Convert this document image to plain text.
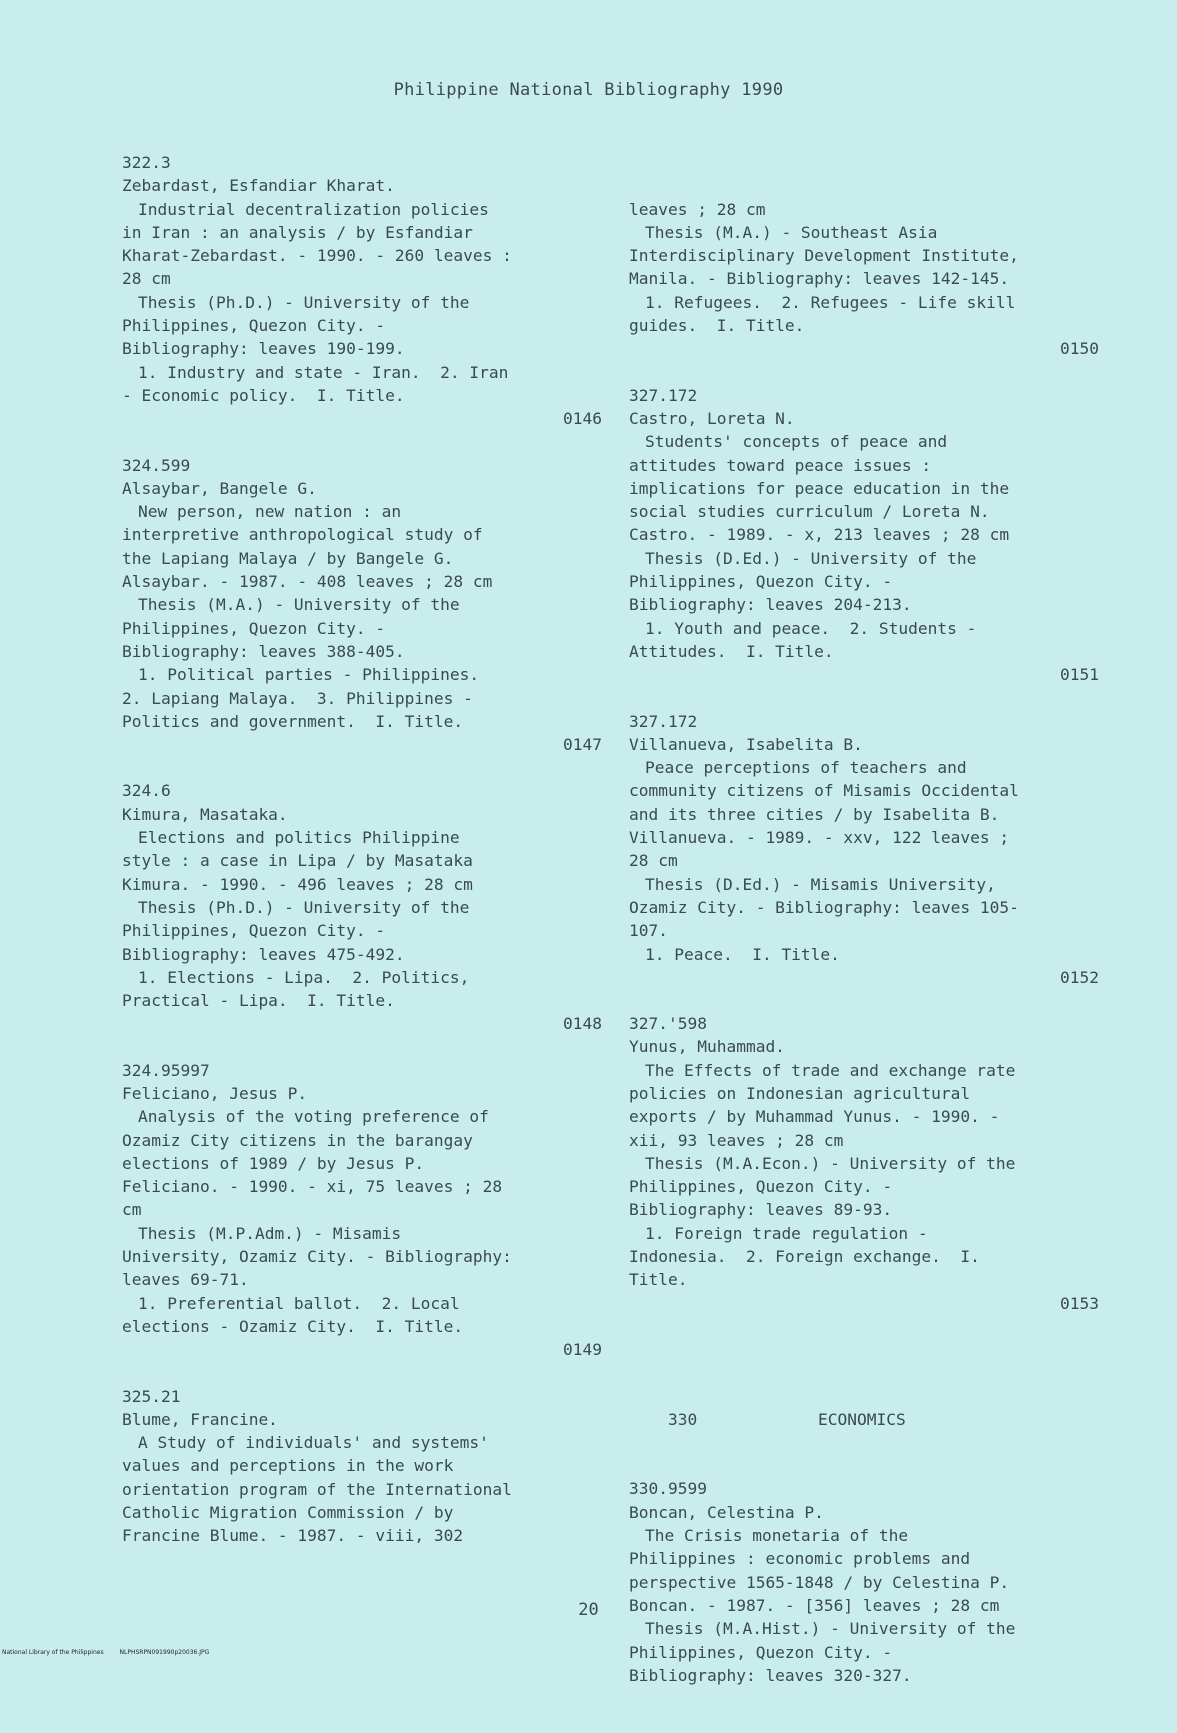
Philippine National Bibliography 1990
322.3
Zebardast, Esfandiar Kharat.
Industrial decentralization policies
in Iran : an analysis / by Esfandiar
Kharat-Zebardast. - 1990. - 260 leaves :
28 cm
Thesis (Ph.D.) - University of the
Philippines, Quezon City. -
Bibliography: leaves 190-199.
1. Industry and state - Iran.  2. Iran
- Economic policy.  I. Title.
0146
324.599
Alsaybar, Bangele G.
New person, new nation : an
interpretive anthropological study of
the Lapiang Malaya / by Bangele G.
Alsaybar. - 1987. - 408 leaves ; 28 cm
Thesis (M.A.) - University of the
Philippines, Quezon City. -
Bibliography: leaves 388-405.
1. Political parties - Philippines.
2. Lapiang Malaya.  3. Philippines -
Politics and government.  I. Title.
0147
324.6
Kimura, Masataka.
Elections and politics Philippine
style : a case in Lipa / by Masataka
Kimura. - 1990. - 496 leaves ; 28 cm
Thesis (Ph.D.) - University of the
Philippines, Quezon City. -
Bibliography: leaves 475-492.
1. Elections - Lipa.  2. Politics,
Practical - Lipa.  I. Title.
0148
324.95997
Feliciano, Jesus P.
Analysis of the voting preference of
Ozamiz City citizens in the barangay
elections of 1989 / by Jesus P.
Feliciano. - 1990. - xi, 75 leaves ; 28
cm
Thesis (M.P.Adm.) - Misamis
University, Ozamiz City. - Bibliography:
leaves 69-71.
1. Preferential ballot.  2. Local
elections - Ozamiz City.  I. Title.
0149
325.21
Blume, Francine.
A Study of individuals' and systems'
values and perceptions in the work
orientation program of the International
Catholic Migration Commission / by
Francine Blume. - 1987. - viii, 302

leaves ; 28 cm
Thesis (M.A.) - Southeast Asia
Interdisciplinary Development Institute,
Manila. - Bibliography: leaves 142-145.
1. Refugees.  2. Refugees - Life skill
guides.  I. Title.
0150
327.172
Castro, Loreta N.
Students' concepts of peace and
attitudes toward peace issues :
implications for peace education in the
social studies curriculum / Loreta N.
Castro. - 1989. - x, 213 leaves ; 28 cm
Thesis (D.Ed.) - University of the
Philippines, Quezon City. -
Bibliography: leaves 204-213.
1. Youth and peace.  2. Students -
Attitudes.  I. Title.
0151
327.172
Villanueva, Isabelita B.
Peace perceptions of teachers and
community citizens of Misamis Occidental
and its three cities / by Isabelita B.
Villanueva. - 1989. - xxv, 122 leaves ;
28 cm
Thesis (D.Ed.) - Misamis University,
Ozamiz City. - Bibliography: leaves 105-
107.
1. Peace.  I. Title.
0152
327.'598
Yunus, Muhammad.
The Effects of trade and exchange rate
policies on Indonesian agricultural
exports / by Muhammad Yunus. - 1990. -
xii, 93 leaves ; 28 cm
Thesis (M.A.Econ.) - University of the
Philippines, Quezon City. -
Bibliography: leaves 89-93.
1. Foreign trade regulation -
Indonesia.  2. Foreign exchange.  I.
Title.
0153

330	ECONOMICS

330.9599
Boncan, Celestina P.
The Crisis monetaria of the
Philippines : economic problems and
perspective 1565-1848 / by Celestina P.
Boncan. - 1987. - [356] leaves ; 28 cm
Thesis (M.A.Hist.) - University of the
Philippines, Quezon City. -
Bibliography: leaves 320-327.

20
National Library of the Philippines	NLPHSRPN091990p20036.JPG
